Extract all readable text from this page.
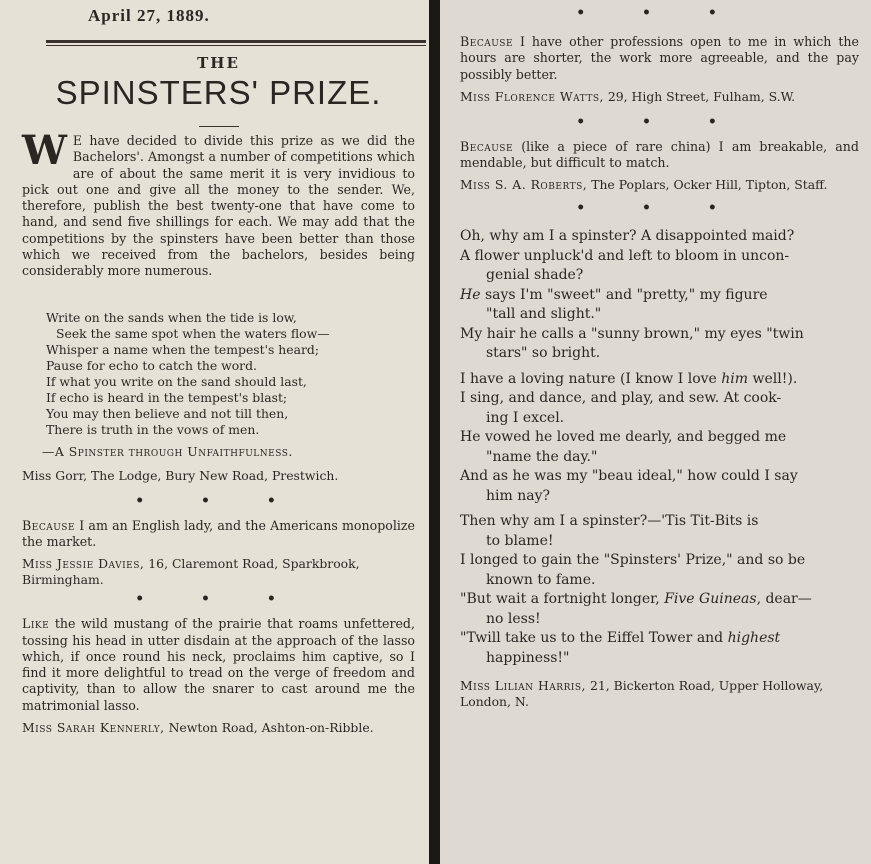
April 27, 1889.
THE
SPINSTERS' PRIZE.
W E have decided to divide this prize as we did the Bachelors'. Amongst a number of competitions which are of about the same merit it is very invidious to pick out one and give all the money to the sender. We, therefore, publish the best twenty-one that have come to hand, and send five shillings for each. We may add that the competitions by the spinsters have been better than those which we received from the bachelors, besides being considerably more numerous.
Write on the sands when the tide is low,
Seek the same spot when the waters flow—
Whisper a name when the tempest's heard;
Pause for echo to catch the word.
If what you write on the sand should last,
If echo is heard in the tempest's blast;
You may then believe and not till then,
There is truth in the vows of men.
—A Spinster through Unfaithfulness.
Miss Gorr, The Lodge, Bury New Road, Prestwich.
• • •
Because I am an English lady, and the Americans monopolize the market.
Miss Jessie Davies, 16, Claremont Road, Sparkbrook, Birmingham.
• • •
Like the wild mustang of the prairie that roams unfettered, tossing his head in utter disdain at the approach of the lasso which, if once round his neck, proclaims him captive, so I find it more delightful to tread on the verge of freedom and captivity, than to allow the snarer to cast around me the matrimonial lasso.
Miss Sarah Kennerly, Newton Road, Ashton-on-Ribble.
• • •
Because I have other professions open to me in which the hours are shorter, the work more agreeable, and the pay possibly better.
Miss Florence Watts, 29, High Street, Fulham, S.W.
• • •
Because (like a piece of rare china) I am breakable, and mendable, but difficult to match.
Miss S. A. Roberts, The Poplars, Ocker Hill, Tipton, Staff.
• • •
Oh, why am I a spinster? A disappointed maid?
A flower unpluck'd and left to bloom in uncon-
genial shade?
He says I'm "sweet" and "pretty," my figure
"tall and slight."
My hair he calls a "sunny brown," my eyes "twin
stars" so bright.
I have a loving nature (I know I love him well!).
I sing, and dance, and play, and sew. At cook-
ing I excel.
He vowed he loved me dearly, and begged me
"name the day."
And as he was my "beau ideal," how could I say
him nay?
Then why am I a spinster?—'Tis Tit-Bits is
to blame!
I longed to gain the "Spinsters' Prize," and so be
known to fame.
"But wait a fortnight longer, Five Guineas, dear—
no less!
"Twill take us to the Eiffel Tower and highest
happiness!"
Miss Lilian Harris, 21, Bickerton Road, Upper Holloway, London, N.
